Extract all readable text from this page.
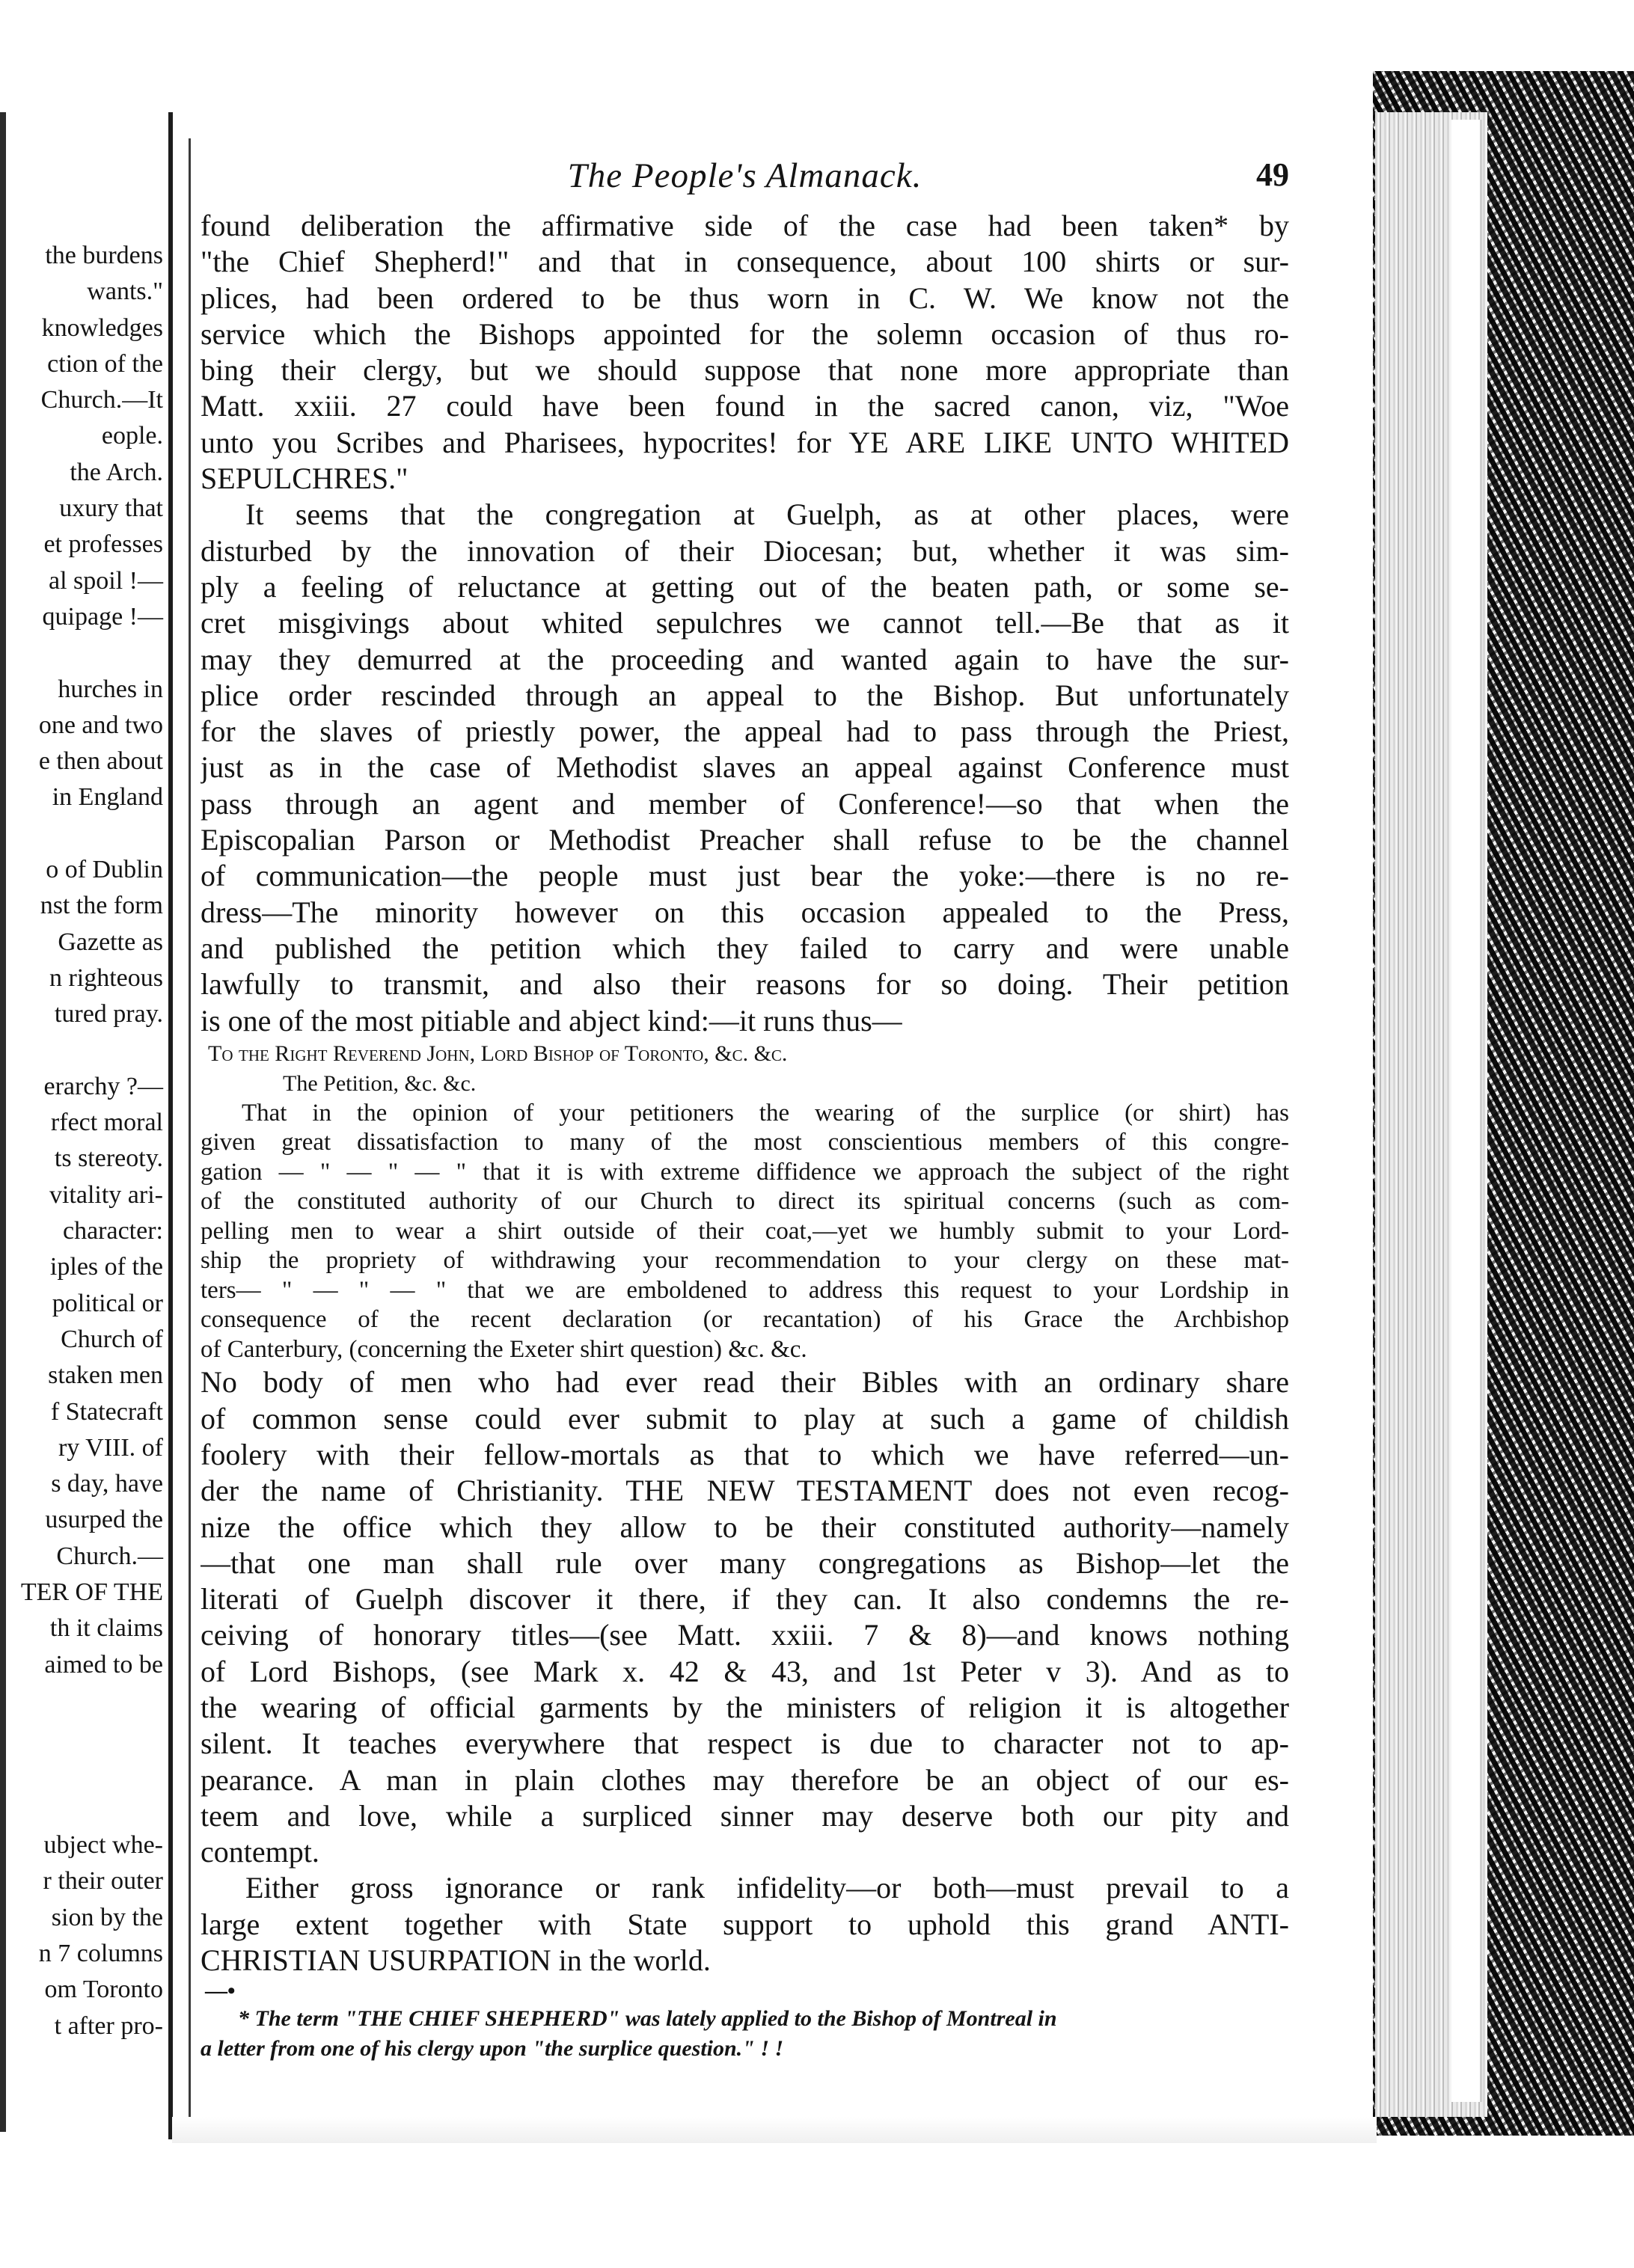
the burdens
wants."
knowledges
ction of the
Church.—It
eople.
the Arch.
uxury that
et professes
al spoil !—
quipage !—
hurches in
one and two
e then about
in England
o of Dublin
nst the form
Gazette as
n righteous
tured pray.
erarchy ?—
rfect moral
ts stereoty.
vitality ari-
character:
iples of the
political or
Church of
staken men
f Statecraft
ry VIII. of
s day, have
usurped the
Church.—
TER OF THE
th it claims
aimed to be
ubject whe-
r their outer
sion by the
n 7 columns
om Toronto
t after pro-
The People's Almanack.	49
found deliberation the affirmative side of the case had been taken* by
"the Chief Shepherd!" and that in consequence, about 100 shirts or sur-
plices, had been ordered to be thus worn in C. W. We know not the
service which the Bishops appointed for the solemn occasion of thus ro-
bing their clergy, but we should suppose that none more appropriate than
Matt. xxiii. 27 could have been found in the sacred canon, viz, "Woe
unto you Scribes and Pharisees, hypocrites! for YE ARE LIKE UNTO WHITED
SEPULCHRES."
It seems that the congregation at Guelph, as at other places, were
disturbed by the innovation of their Diocesan; but, whether it was sim-
ply a feeling of reluctance at getting out of the beaten path, or some se-
cret misgivings about whited sepulchres we cannot tell.—Be that as it
may they demurred at the proceeding and wanted again to have the sur-
plice order rescinded through an appeal to the Bishop. But unfortunately
for the slaves of priestly power, the appeal had to pass through the Priest,
just as in the case of Methodist slaves an appeal against Conference must
pass through an agent and member of Conference!—so that when the
Episcopalian Parson or Methodist Preacher shall refuse to be the channel
of communication—the people must just bear the yoke:—there is no re-
dress—The minority however on this occasion appealed to the Press,
and published the petition which they failed to carry and were unable
lawfully to transmit, and also their reasons for so doing. Their petition
is one of the most pitiable and abject kind:—it runs thus—
To the Right Reverend John, Lord Bishop of Toronto, &c. &c.
The Petition, &c. &c.
That in the opinion of your petitioners the wearing of the surplice (or shirt) has
given great dissatisfaction to many of the most conscientious members of this congre-
gation — " — " — " that it is with extreme diffidence we approach the subject of the right
of the constituted authority of our Church to direct its spiritual concerns (such as com-
pelling men to wear a shirt outside of their coat,—yet we humbly submit to your Lord-
ship the propriety of withdrawing your recommendation to your clergy on these mat-
ters— " — " — " that we are emboldened to address this request to your Lordship in
consequence of the recent declaration (or recantation) of his Grace the Archbishop
of Canterbury, (concerning the Exeter shirt question) &c. &c.
No body of men who had ever read their Bibles with an ordinary share
of common sense could ever submit to play at such a game of childish
foolery with their fellow-mortals as that to which we have referred—un-
der the name of Christianity. THE NEW TESTAMENT does not even recog-
nize the office which they allow to be their constituted authority—namely
—that one man shall rule over many congregations as Bishop—let the
literati of Guelph discover it there, if they can. It also condemns the re-
ceiving of honorary titles—(see Matt. xxiii. 7 & 8)—and knows nothing
of Lord Bishops, (see Mark x. 42 & 43, and 1st Peter v 3). And as to
the wearing of official garments by the ministers of religion it is altogether
silent. It teaches everywhere that respect is due to character not to ap-
pearance. A man in plain clothes may therefore be an object of our es-
teem and love, while a surpliced sinner may deserve both our pity and
contempt.
Either gross ignorance or rank infidelity—or both—must prevail to a
large extent together with State support to uphold this grand ANTI-
CHRISTIAN USURPATION in the world.
—•
* The term "THE CHIEF SHEPHERD" was lately applied to the Bishop of Montreal in
a letter from one of his clergy upon "the surplice question." ! !
